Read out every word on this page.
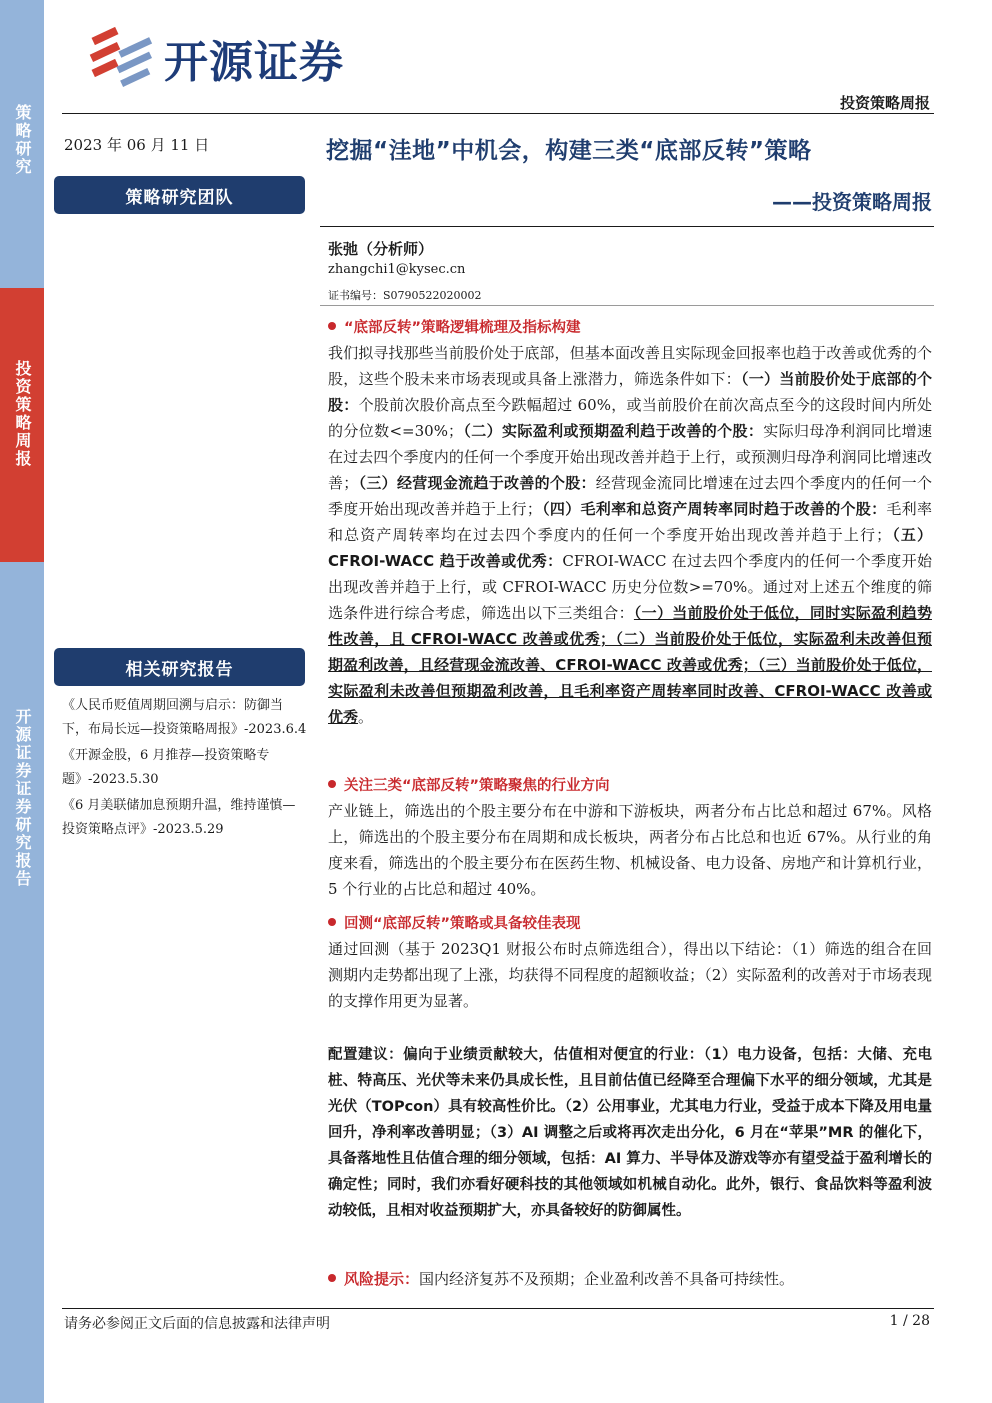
策略研究
投资策略周报
开源证券证券研究报告
开源证券
投资策略周报
2023 年 06 月 11 日
策略研究团队
相关研究报告
《人民币贬值周期回溯与启示：防御当下，布局长远—投资策略周报》-2023.6.4
《开源金股，6 月推荐—投资策略专题》-2023.5.30
《6 月美联储加息预期升温，维持谨慎—投资策略点评》-2023.5.29
挖掘“洼地”中机会，构建三类“底部反转”策略
——投资策略周报
张弛（分析师）
zhangchi1@kysec.cn
证书编号：S0790522020002
“底部反转”策略逻辑梳理及指标构建
我们拟寻找那些当前股价处于底部，但基本面改善且实际现金回报率也趋于改善或优秀的个股，这些个股未来市场表现或具备上涨潜力，筛选条件如下：（一）当前股价处于底部的个股：个股前次股价高点至今跌幅超过 60%，或当前股价在前次高点至今的这段时间内所处的分位数<=30%；（二）实际盈利或预期盈利趋于改善的个股：实际归母净利润同比增速在过去四个季度内的任何一个季度开始出现改善并趋于上行，或预测归母净利润同比增速改善；（三）经营现金流趋于改善的个股：经营现金流同比增速在过去四个季度内的任何一个季度开始出现改善并趋于上行；（四）毛利率和总资产周转率同时趋于改善的个股：毛利率和总资产周转率均在过去四个季度内的任何一个季度开始出现改善并趋于上行；（五）CFROI-WACC 趋于改善或优秀：CFROI-WACC 在过去四个季度内的任何一个季度开始出现改善并趋于上行，或 CFROI-WACC 历史分位数>=70%。通过对上述五个维度的筛选条件进行综合考虑，筛选出以下三类组合：（一）当前股价处于低位，同时实际盈利趋势性改善，且 CFROI-WACC 改善或优秀；（二）当前股价处于低位，实际盈利未改善但预期盈利改善，且经营现金流改善、CFROI-WACC 改善或优秀；（三）当前股价处于低位，实际盈利未改善但预期盈利改善，且毛利率资产周转率同时改善、CFROI-WACC 改善或优秀。
关注三类“底部反转”策略聚焦的行业方向
产业链上，筛选出的个股主要分布在中游和下游板块，两者分布占比总和超过 67%。风格上，筛选出的个股主要分布在周期和成长板块，两者分布占比总和也近 67%。从行业的角度来看，筛选出的个股主要分布在医药生物、机械设备、电力设备、房地产和计算机行业，5 个行业的占比总和超过 40%。
回测“底部反转”策略或具备较佳表现
通过回测（基于 2023Q1 财报公布时点筛选组合），得出以下结论：（1）筛选的组合在回测期内走势都出现了上涨，均获得不同程度的超额收益；（2）实际盈利的改善对于市场表现的支撑作用更为显著。
配置建议：偏向于业绩贡献较大，估值相对便宜的行业：（1）电力设备，包括：大储、充电桩、特高压、光伏等未来仍具成长性，且目前估值已经降至合理偏下水平的细分领域，尤其是光伏（TOPcon）具有较高性价比。（2）公用事业，尤其电力行业，受益于成本下降及用电量回升，净利率改善明显；（3）AI 调整之后或将再次走出分化，6 月在“苹果”MR 的催化下，具备落地性且估值合理的细分领域，包括：AI 算力、半导体及游戏等亦有望受益于盈利增长的确定性；同时，我们亦看好硬科技的其他领域如机械自动化。此外，银行、食品饮料等盈利波动较低，且相对收益预期扩大，亦具备较好的防御属性。
风险提示：国内经济复苏不及预期；企业盈利改善不具备可持续性。
请务必参阅正文后面的信息披露和法律声明	1 / 28
